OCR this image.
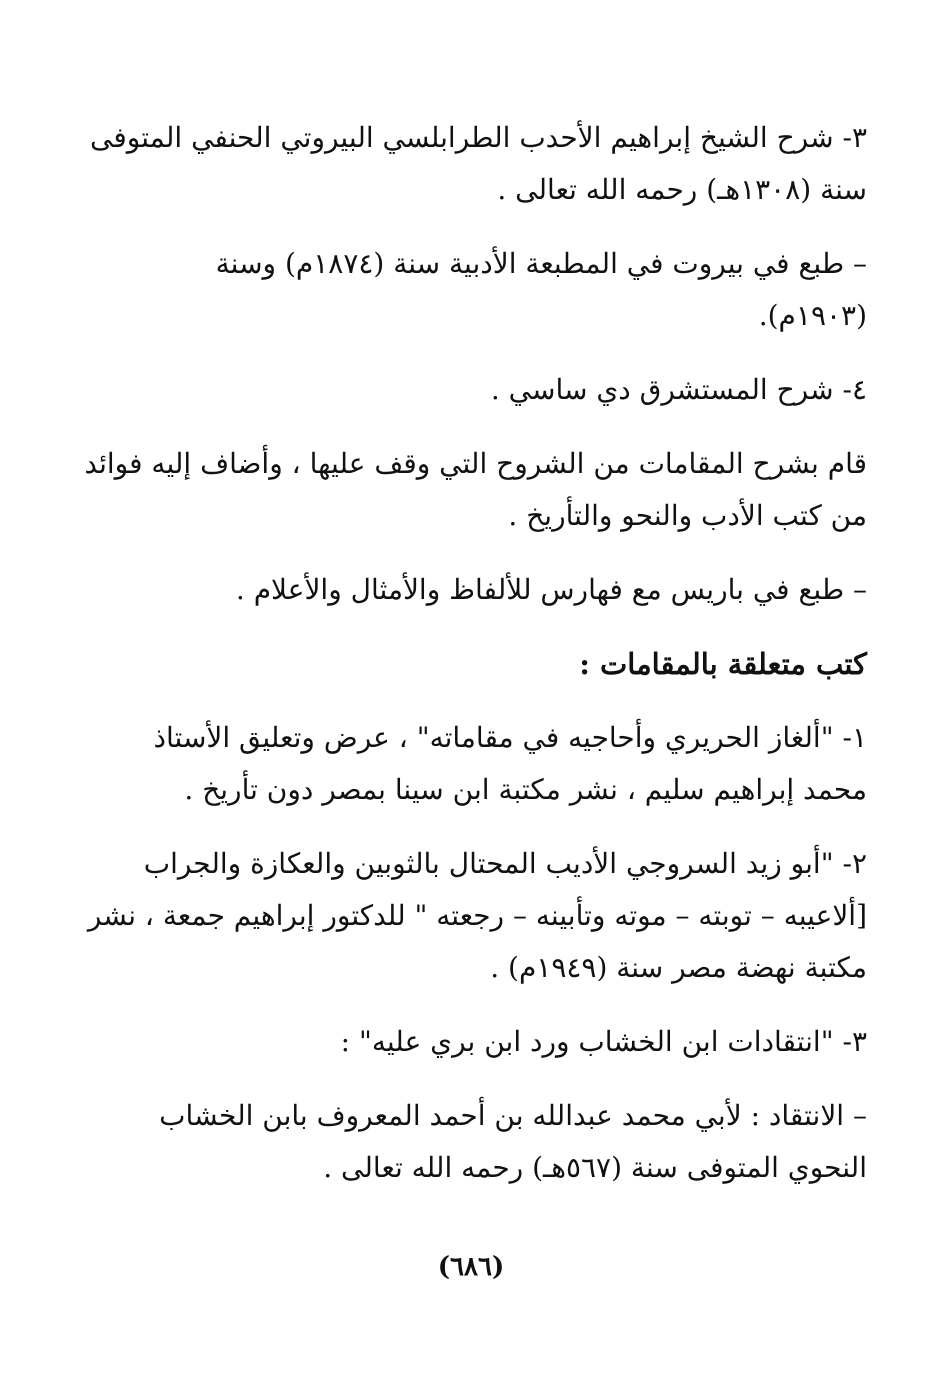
٣- شرح الشيخ إبراهيم الأحدب الطرابلسي البيروتي الحنفي المتوفى
سنة (١٣٠٨هـ) رحمه الله تعالى .

– طبع في بيروت في المطبعة الأدبية سنة (١٨٧٤م) وسنة
(١٩٠٣م).

٤- شرح المستشرق دي ساسي .

قام بشرح المقامات من الشروح التي وقف عليها ، وأضاف إليه فوائد
من كتب الأدب والنحو والتأريخ .

– طبع في باريس مع فهارس للألفاظ والأمثال والأعلام .

كتب متعلقة بالمقامات :

١- "ألغاز الحريري وأحاجيه في مقاماته" ، عرض وتعليق الأستاذ
محمد إبراهيم سليم ، نشر مكتبة ابن سينا بمصر دون تأريخ .

٢- "أبو زيد السروجي الأديب المحتال بالثوبين والعكازة والجراب
[ألاعيبه – توبته – موته وتأبينه – رجعته " للدكتور إبراهيم جمعة ، نشر
مكتبة نهضة مصر سنة (١٩٤٩م) .

٣- "انتقادات ابن الخشاب ورد ابن بري عليه" :

– الانتقاد : لأبي محمد عبدالله بن أحمد المعروف بابن الخشاب
النحوي المتوفى سنة (٥٦٧هـ) رحمه الله تعالى .

(٦٨٦)
